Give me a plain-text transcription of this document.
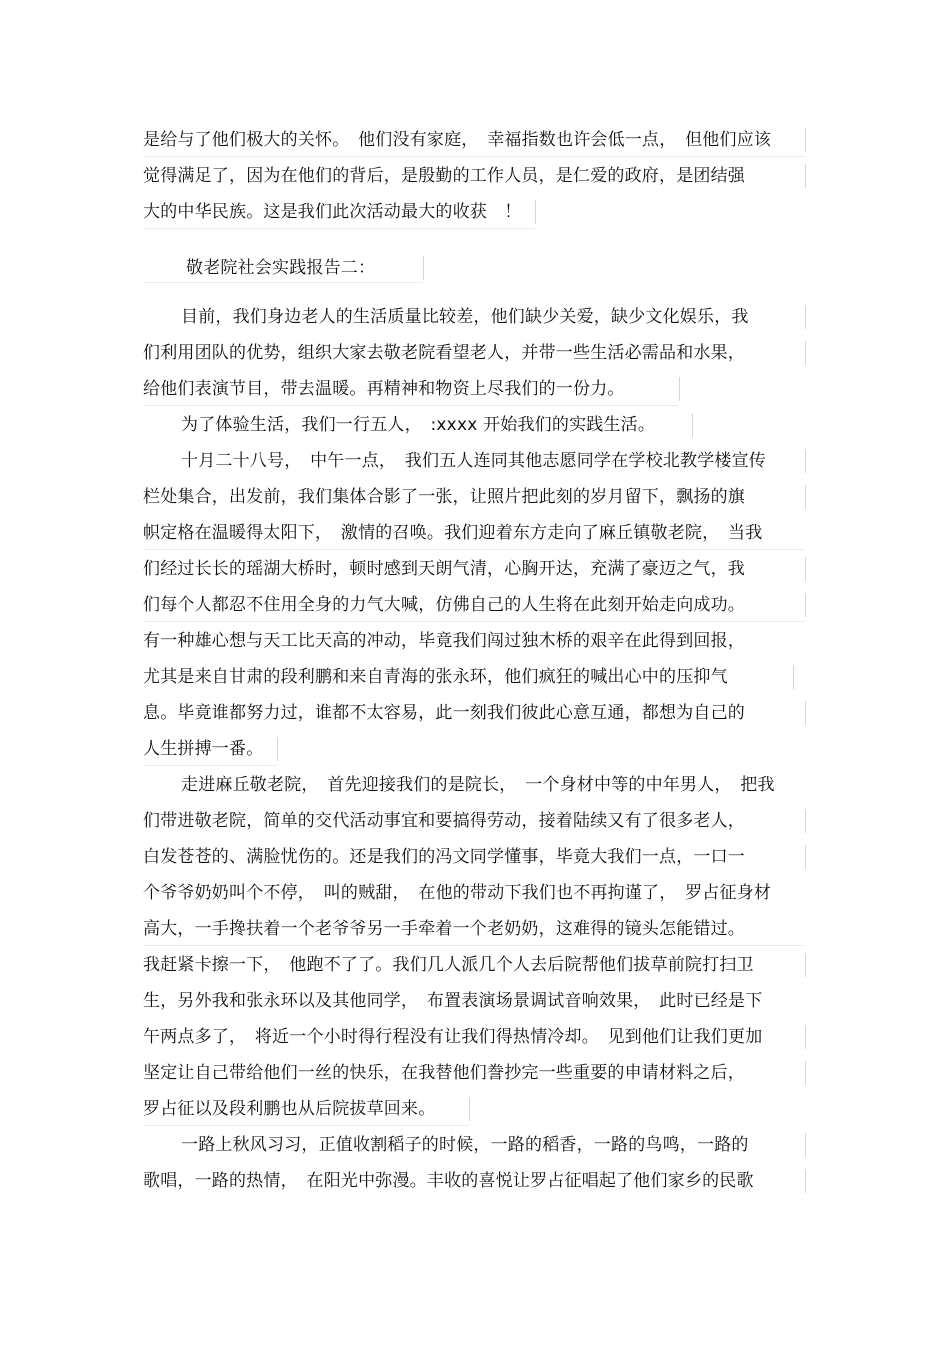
是给与了他们极大的关怀。　他们没有家庭，　幸福指数也许会低一点，　但他们应该
觉得满足了，因为在他们的背后，是殷勤的工作人员，是仁爱的政府，是团结强
大的中华民族。这是我们此次活动最大的收获　！
敬老院社会实践报告二：
目前，我们身边老人的生活质量比较差，他们缺少关爱，缺少文化娱乐，我
们利用团队的优势，组织大家去敬老院看望老人，并带一些生活必需品和水果，
给他们表演节目，带去温暖。再精神和物资上尽我们的一份力。
为了体验生活，我们一行五人，　:xxxx 开始我们的实践生活。
十月二十八号，　中午一点，　我们五人连同其他志愿同学在学校北教学楼宣传
栏处集合，出发前，我们集体合影了一张，让照片把此刻的岁月留下，飘扬的旗
帜定格在温暖得太阳下，　激情的召唤。我们迎着东方走向了麻丘镇敬老院，　当我
们经过长长的瑶湖大桥时，顿时感到天朗气清，心胸开达，充满了豪迈之气，我
们每个人都忍不住用全身的力气大喊，仿佛自己的人生将在此刻开始走向成功。
有一种雄心想与天工比天高的冲动，毕竟我们闯过独木桥的艰辛在此得到回报，
尤其是来自甘肃的段利鹏和来自青海的张永环，他们疯狂的喊出心中的压抑气
息。毕竟谁都努力过，谁都不太容易，此一刻我们彼此心意互通，都想为自己的
人生拼搏一番。
走进麻丘敬老院，　首先迎接我们的是院长，　一个身材中等的中年男人，　把我
们带进敬老院，简单的交代活动事宜和要搞得劳动，接着陆续又有了很多老人，
白发苍苍的、满脸忧伤的。还是我们的冯文同学懂事，毕竟大我们一点，一口一
个爷爷奶奶叫个不停，　叫的贼甜，　在他的带动下我们也不再拘谨了，　罗占征身材
高大，一手搀扶着一个老爷爷另一手牵着一个老奶奶，这难得的镜头怎能错过。
我赶紧卡擦一下，　他跑不了了。我们几人派几个人去后院帮他们拔草前院打扫卫
生，另外我和张永环以及其他同学，　布置表演场景调试音响效果，　此时已经是下
午两点多了，　将近一个小时得行程没有让我们得热情冷却。　见到他们让我们更加
坚定让自己带给他们一丝的快乐，在我替他们誊抄完一些重要的申请材料之后，
罗占征以及段利鹏也从后院拔草回来。
一路上秋风习习，正值收割稻子的时候，一路的稻香，一路的鸟鸣，一路的
歌唱，一路的热情，　在阳光中弥漫。丰收的喜悦让罗占征唱起了他们家乡的民歌
